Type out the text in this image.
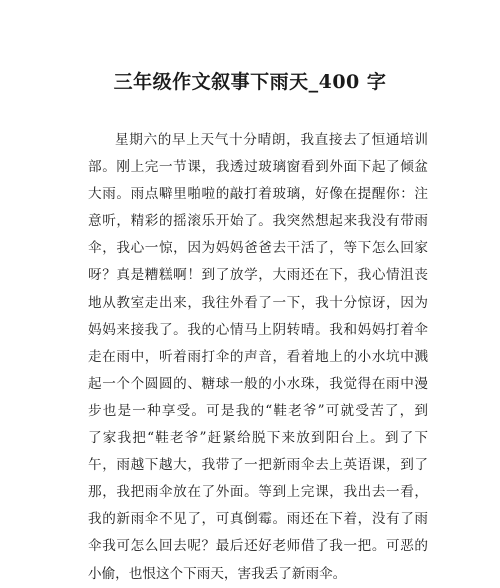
三年级作文叙事下雨天_400 字
星期六的早上天气十分晴朗，我直接去了恒通培训
部。刚上完一节课，我透过玻璃窗看到外面下起了倾盆
大雨。雨点噼里啪啦的敲打着玻璃，好像在提醒你：注
意听，精彩的摇滚乐开始了。我突然想起来我没有带雨
伞，我心一惊，因为妈妈爸爸去干活了，等下怎么回家
呀？真是糟糕啊！到了放学，大雨还在下，我心情沮丧
地从教室走出来，我往外看了一下，我十分惊讶，因为
妈妈来接我了。我的心情马上阴转晴。我和妈妈打着伞
走在雨中，听着雨打伞的声音，看着地上的小水坑中溅
起一个个圆圆的、糖球一般的小水珠，我觉得在雨中漫
步也是一种享受。可是我的“鞋老爷”可就受苦了，到
了家我把“鞋老爷”赶紧给脱下来放到阳台上。到了下
午，雨越下越大，我带了一把新雨伞去上英语课，到了
那，我把雨伞放在了外面。等到上完课，我出去一看，
我的新雨伞不见了，可真倒霉。雨还在下着，没有了雨
伞我可怎么回去呢？最后还好老师借了我一把。可恶的
小偷，也恨这个下雨天，害我丢了新雨伞。
